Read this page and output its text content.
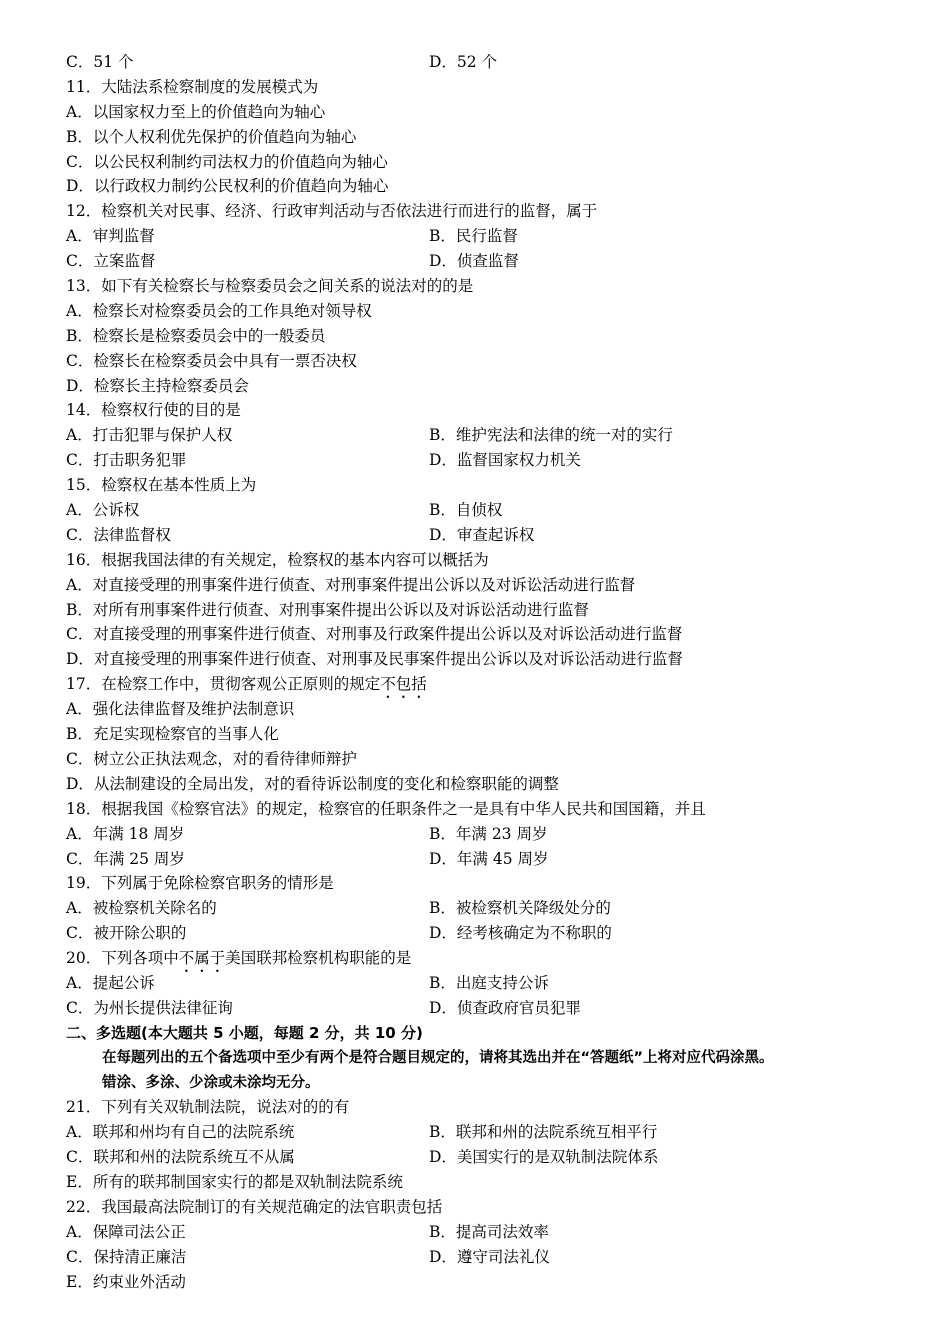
C．51 个	D．52 个
11．大陆法系检察制度的发展模式为
A．以国家权力至上的价值趋向为轴心
B．以个人权利优先保护的价值趋向为轴心
C．以公民权利制约司法权力的价值趋向为轴心
D．以行政权力制约公民权利的价值趋向为轴心
12．检察机关对民事、经济、行政审判活动与否依法进行而进行的监督，属于
A．审判监督	B．民行监督
C．立案监督	D．侦查监督
13．如下有关检察长与检察委员会之间关系的说法对的的是
A．检察长对检察委员会的工作具绝对领导权
B．检察长是检察委员会中的一般委员
C．检察长在检察委员会中具有一票否决权
D．检察长主持检察委员会
14．检察权行使的目的是
A．打击犯罪与保护人权	B．维护宪法和法律的统一对的实行
C．打击职务犯罪	D．监督国家权力机关
15．检察权在基本性质上为
A．公诉权	B．自侦权
C．法律监督权	D．审查起诉权
16．根据我国法律的有关规定，检察权的基本内容可以概括为
A．对直接受理的刑事案件进行侦查、对刑事案件提出公诉以及对诉讼活动进行监督
B．对所有刑事案件进行侦查、对刑事案件提出公诉以及对诉讼活动进行监督
C．对直接受理的刑事案件进行侦查、对刑事及行政案件提出公诉以及对诉讼活动进行监督
D．对直接受理的刑事案件进行侦查、对刑事及民事案件提出公诉以及对诉讼活动进行监督
17．在检察工作中，贯彻客观公正原则的规定不包括
A．强化法律监督及维护法制意识
B．充足实现检察官的当事人化
C．树立公正执法观念，对的看待律师辩护
D．从法制建设的全局出发，对的看待诉讼制度的变化和检察职能的调整
18．根据我国《检察官法》的规定，检察官的任职条件之一是具有中华人民共和国国籍，并且
A．年满 18 周岁	B．年满 23 周岁
C．年满 25 周岁	D．年满 45 周岁
19．下列属于免除检察官职务的情形是
A．被检察机关除名的	B．被检察机关降级处分的
C．被开除公职的	D．经考核确定为不称职的
20．下列各项中不属于美国联邦检察机构职能的是
A．提起公诉	B．出庭支持公诉
C．为州长提供法律征询	D．侦查政府官员犯罪
二、多选题(本大题共 5 小题，每题 2 分，共 10 分)
在每题列出的五个备选项中至少有两个是符合题目规定的，请将其选出并在“答题纸”上将对应代码涂黑。
错涂、多涂、少涂或未涂均无分。
21．下列有关双轨制法院，说法对的的有
A．联邦和州均有自己的法院系统	B．联邦和州的法院系统互相平行
C．联邦和州的法院系统互不从属	D．美国实行的是双轨制法院体系
E．所有的联邦制国家实行的都是双轨制法院系统
22．我国最高法院制订的有关规范确定的法官职责包括
A．保障司法公正	B．提高司法效率
C．保持清正廉洁	D．遵守司法礼仪
E．约束业外活动
